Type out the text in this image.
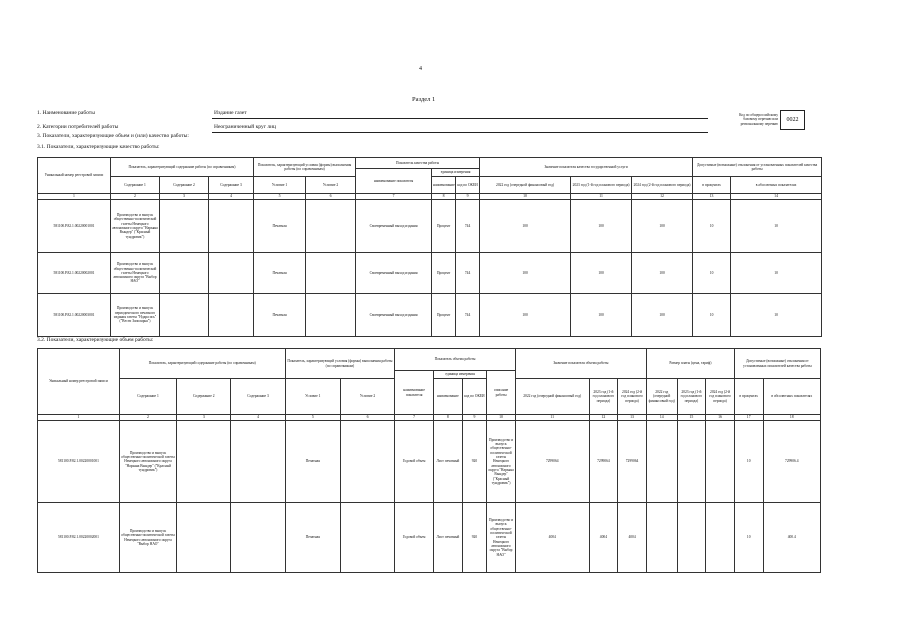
4
Раздел 1
1. Наименование работы	Издание газет
2. Категории потребителей работы	Неограниченный круг лиц
3. Показатели, характеризующие объем и (или) качество работы:
Код по общероссийскому базовому перечню или региональному перечню
0022
3.1. Показатели, характеризующие качество работы:
Уникальный номер реестровой записи	Показатель, характеризующий содержание работы (по справочникам)			Показатель, характеризующий условия (формы) выполнения работы (по справочникам)		Показатель качества работы			Значение показателя качества государственной услуги			Допустимые (возможные) отклонения от установленных показателей качества работы	
						наименование показателя	единица измерения						
	Содержание 1	Содержание 2	Содержание 3	Условие 1	Условие 2		наименование	код по ОКЕИ	2022 год (очередной финансовый год)	2023 год (1-й год планового периода)	2024 год (2-й год планового периода)	в процентах	в абсолютных показателях
1	2	3	4	5	6	7	8	9	10	11	12	13	14
581100.Р.82.1.00220001001	Производство и выпуск общественно-политической газеты Ненецкого автономного округа "Нарьяна Вындер" ("Красный тундровик")			Печатная		Своевременный выход издания	Процент	744	100	100	100	10	10
581100.Р.82.1.00220002001	Производство и выпуск общественно-политической газеты Ненецкого автономного округа "Выбор НАО"			Печатная		Своевременный выход издания	Процент	744	100	100	100	10	10
581100.Р.82.1.00220003001	Производство и выпуск периодического печатного издания газеты "Ндара ись" ("Вести Заполярья")			Печатная		Своевременный выход издания	Процент	744	100	100	100	10	10
3.2. Показатели, характеризующие объем работы:
Уникальный номер реестровой записи	Показатель, характеризующий содержание работы (по справочникам)			Показатель, характеризующий условия (формы) выполнения работы (по справочникам)		Показатель объема работы				Значение показателя объема работы			Размер платы (цена, тариф)			Допустимые (возможные) отклонения от установленных показателей качества работы	
						наименование показателя	единица измерения		описание работы								
	Содержание 1	Содержание 2	Содержание 3	Условие 1	Условие 2		наименование	код по ОКЕИ		2022 год (очередной финансовый год)	2023 год (1-й год планового периода)	2024 год (2-й год планового периода)	2022 год (очередной финансовый год)	2023 год (1-й год планового периода)	2024 год (2-й год планового периода)	в процентах	в абсолютных показателях
1	2	3	4	5	6	7	8	9	10	11	12	13	14	15	16	17	18
581100.Р.82.1.00220001001	Производство и выпуск общественно-политической газеты Ненецкого автономного округа "Нарьяна Вындер" ("Красный тундровик")			Печатная		Годовой объем	Лист печатный	920	Производство и выпуск общественно-политической газеты Ненецкого автономного округа "Нарьяна Вындер" ("Красный тундровик")	7299064	7299064	7299064				10	729906.4
581100.Р.82.1.00220002001	Производство и выпуск общественно-политической газеты Ненецкого автономного округа "Выбор НАО"			Печатная		Годовой объем	Лист печатный	920	Производство и выпуск общественно-политической газеты Ненецкого автономного округа "Выбор НАО"	4004	4004	4004				10	400.4
